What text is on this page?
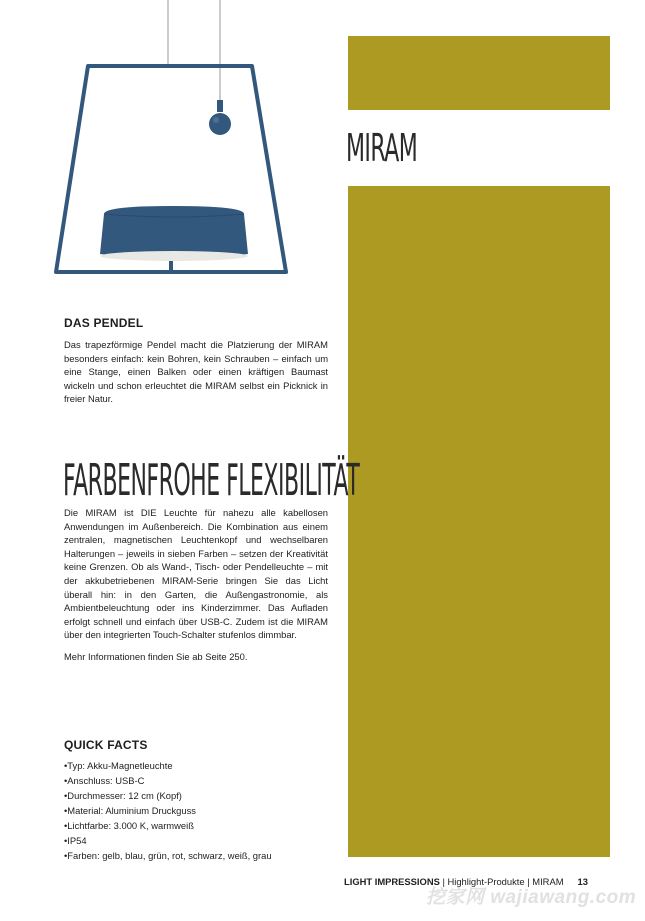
MIRAM
DAS PENDEL

Das trapezförmige Pendel macht die Platzierung der MIRAM besonders einfach: kein Bohren, kein Schrauben – einfach um eine Stange, einen Balken oder einen kräftigen Baumast wickeln und schon erleuchtet die MIRAM selbst ein Picknick in freier Natur.

FARBENFROHE FLEXIBILITÄT

Die MIRAM ist DIE Leuchte für nahezu alle kabellosen Anwendungen im Außenbereich. Die Kombination aus einem zentralen, magnetischen Leuchtenkopf und wechselbaren Halterungen – jeweils in sieben Farben – setzen der Kreativität keine Grenzen. Ob als Wand-, Tisch- oder Pendelleuchte – mit der akkubetriebenen MIRAM-Serie bringen Sie das Licht überall hin: in den Garten, die Außengastronomie, als Ambientbeleuchtung oder ins Kinderzimmer. Das Aufladen erfolgt schnell und einfach über USB-C. Zudem ist die MIRAM über den integrierten Touch-Schalter stufenlos dimmbar.

Mehr Informationen finden Sie ab Seite 250.

QUICK FACTS
• Typ: Akku-Magnetleuchte
• Anschluss: USB-C
• Durchmesser: 12 cm (Kopf)
• Material: Aluminium Druckguss
• Lichtfarbe: 3.000 K, warmweiß
• IP54
• Farben: gelb, blau, grün, rot, schwarz, weiß, grau
LIGHT IMPRESSIONS | Highlight-Produkte | MIRAM 13
挖家网 wajiawang.com
